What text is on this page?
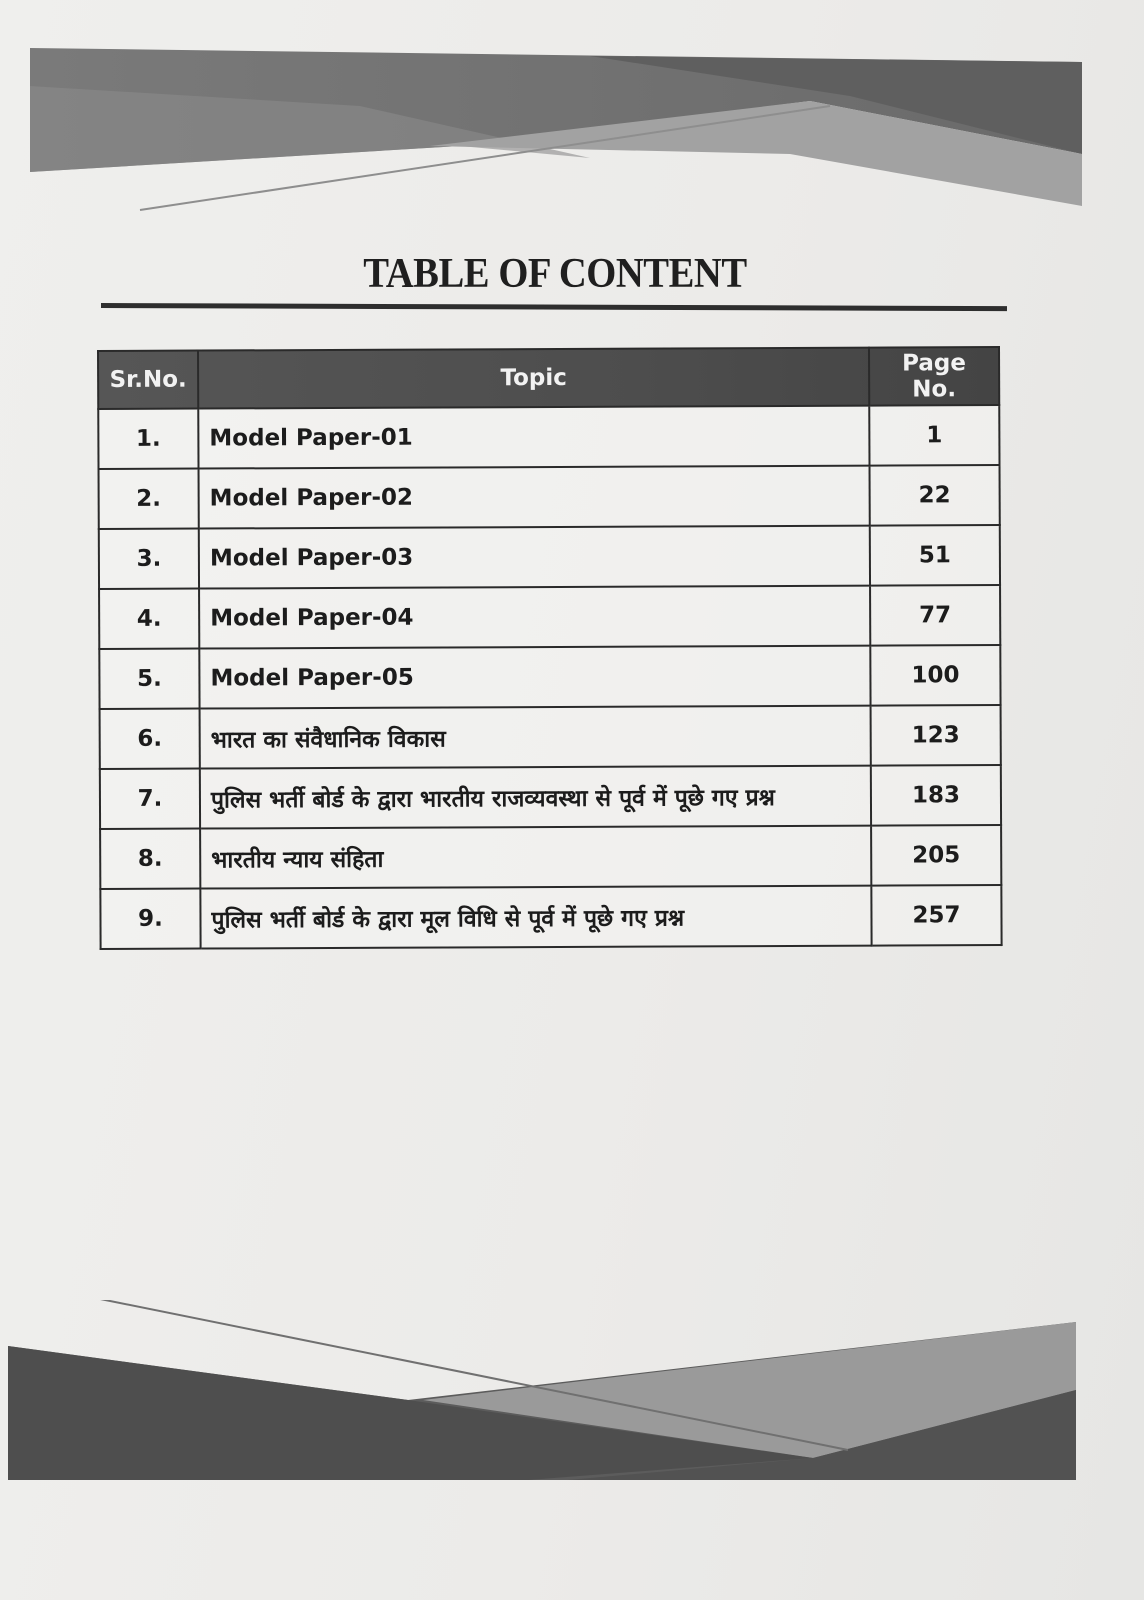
TABLE OF CONTENT
Sr.No.	Topic	Page No.
1.	Model Paper-01	1
2.	Model Paper-02	22
3.	Model Paper-03	51
4.	Model Paper-04	77
5.	Model Paper-05	100
6.	भारत का संवैधानिक विकास	123
7.	पुलिस भर्ती बोर्ड के द्वारा भारतीय राजव्यवस्था से पूर्व में पूछे गए प्रश्न	183
8.	भारतीय न्याय संहिता	205
9.	पुलिस भर्ती बोर्ड के द्वारा मूल विधि से पूर्व में पूछे गए प्रश्न	257
